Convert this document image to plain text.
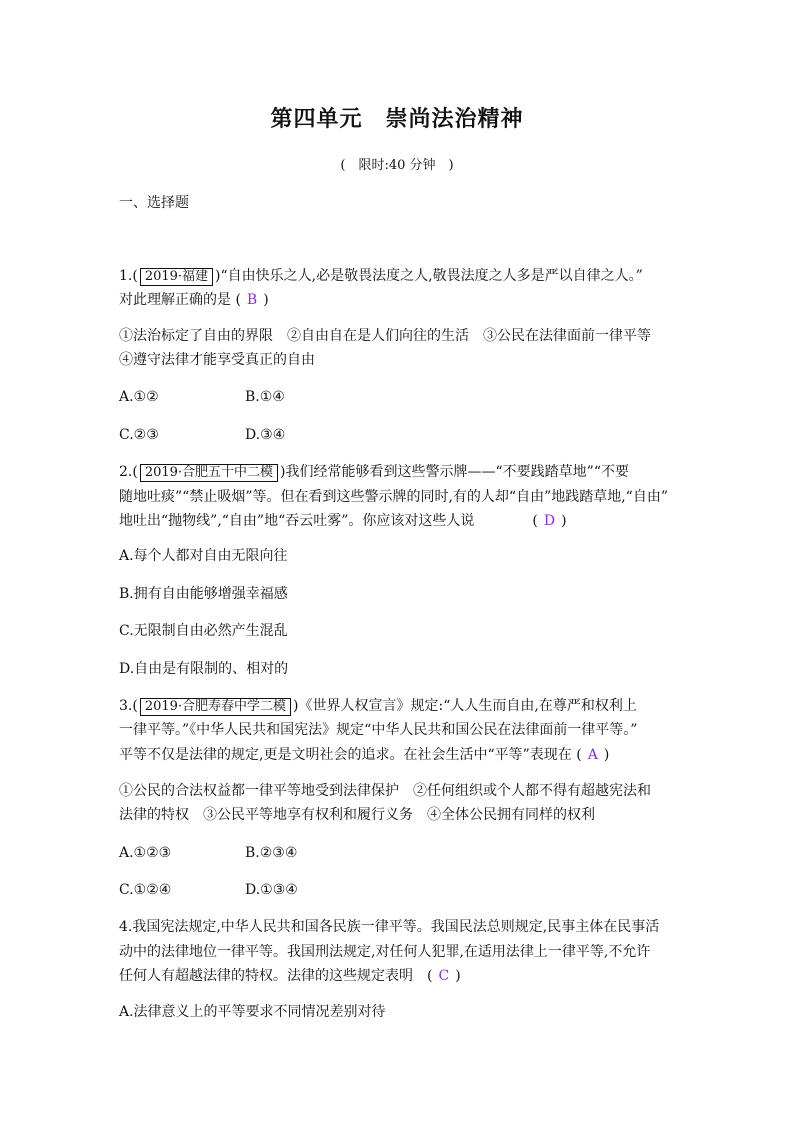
第四单元　崇尚法治精神
(　限时:40 分钟　)
一、选择题
1.( 2019·福建 )“自由快乐之人,必是敬畏法度之人,敬畏法度之人多是严以自律之人。”
对此理解正确的是 ( B )
①法治标定了自由的界限　②自由自在是人们向往的生活　③公民在法律面前一律平等
④遵守法律才能享受真正的自由
A.①②	B.①④
C.②③	D.③④
2.( 2019·合肥五十中二模 )我们经常能够看到这些警示牌——“不要践踏草地”“不要
随地吐痰”“禁止吸烟”等。但在看到这些警示牌的同时,有的人却“自由”地践踏草地,“自由”
地吐出“抛物线”,“自由”地“吞云吐雾”。你应该对这些人说	( D )
A.每个人都对自由无限向往
B.拥有自由能够增强幸福感
C.无限制自由必然产生混乱
D.自由是有限制的、相对的
3.( 2019·合肥寿春中学二模 )《世界人权宣言》规定:“人人生而自由,在尊严和权利上
一律平等。”《中华人民共和国宪法》规定“中华人民共和国公民在法律面前一律平等。”
平等不仅是法律的规定,更是文明社会的追求。在社会生活中“平等”表现在 ( A )
①公民的合法权益都一律平等地受到法律保护　②任何组织或个人都不得有超越宪法和
法律的特权　③公民平等地享有权利和履行义务　④全体公民拥有同样的权利
A.①②③	B.②③④
C.①②④	D.①③④
4.我国宪法规定,中华人民共和国各民族一律平等。我国民法总则规定,民事主体在民事活
动中的法律地位一律平等。我国刑法规定,对任何人犯罪,在适用法律上一律平等,不允许
任何人有超越法律的特权。法律的这些规定表明　( C )
A.法律意义上的平等要求不同情况差别对待
